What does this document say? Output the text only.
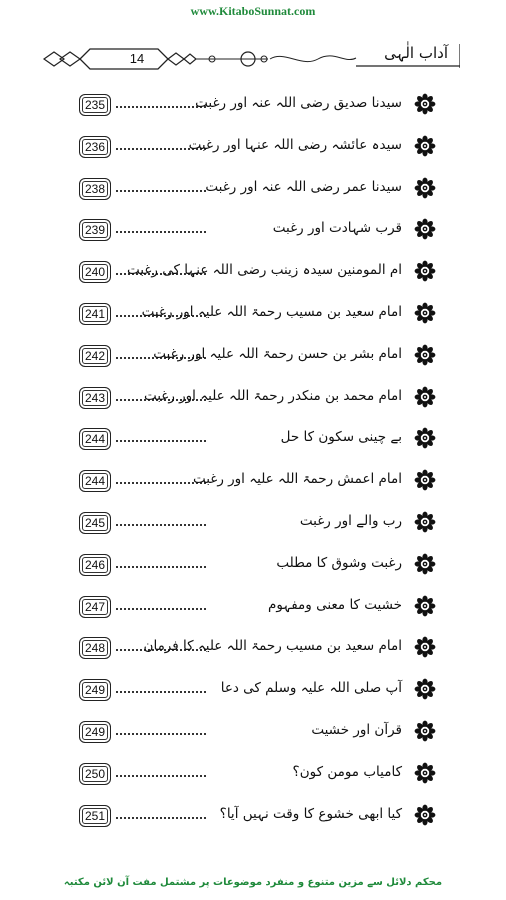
www.KitaboSunnat.com
14	آداب الٰہی
235	سیدنا صدیق رضی اللہ عنہ اور رغبت
236	سیدہ عائشہ رضی اللہ عنہا اور رغبت
238	سیدنا عمر رضی اللہ عنہ اور رغبت
239	قرب شہادت اور رغبت
240	ام المومنین سیدہ زینب رضی اللہ عنہا کی رغبت
241	امام سعید بن مسیب رحمۃ اللہ علیہ اور رغبت
242	امام بشر بن حسن رحمۃ اللہ علیہ اور رغبت
243	امام محمد بن منکدر رحمۃ اللہ علیہ اور رغبت
244	بے چینی سکون کا حل
244	امام اعمش رحمۃ اللہ علیہ اور رغبت
245	رب والے اور رغبت
246	رغبت وشوق کا مطلب
247	خشیت کا معنی ومفہوم
248	امام سعید بن مسیب رحمۃ اللہ علیہ کا فرمان
249	آپ صلی اللہ علیہ وسلم کی دعا
249	قرآن اور خشیت
250	کامیاب مومن کون؟
251	کیا ابھی خشوع کا وقت نہیں آیا؟
محکم دلائل سے مزین متنوع و منفرد موضوعات پر مشتمل مفت آن لائن مکتبہ
